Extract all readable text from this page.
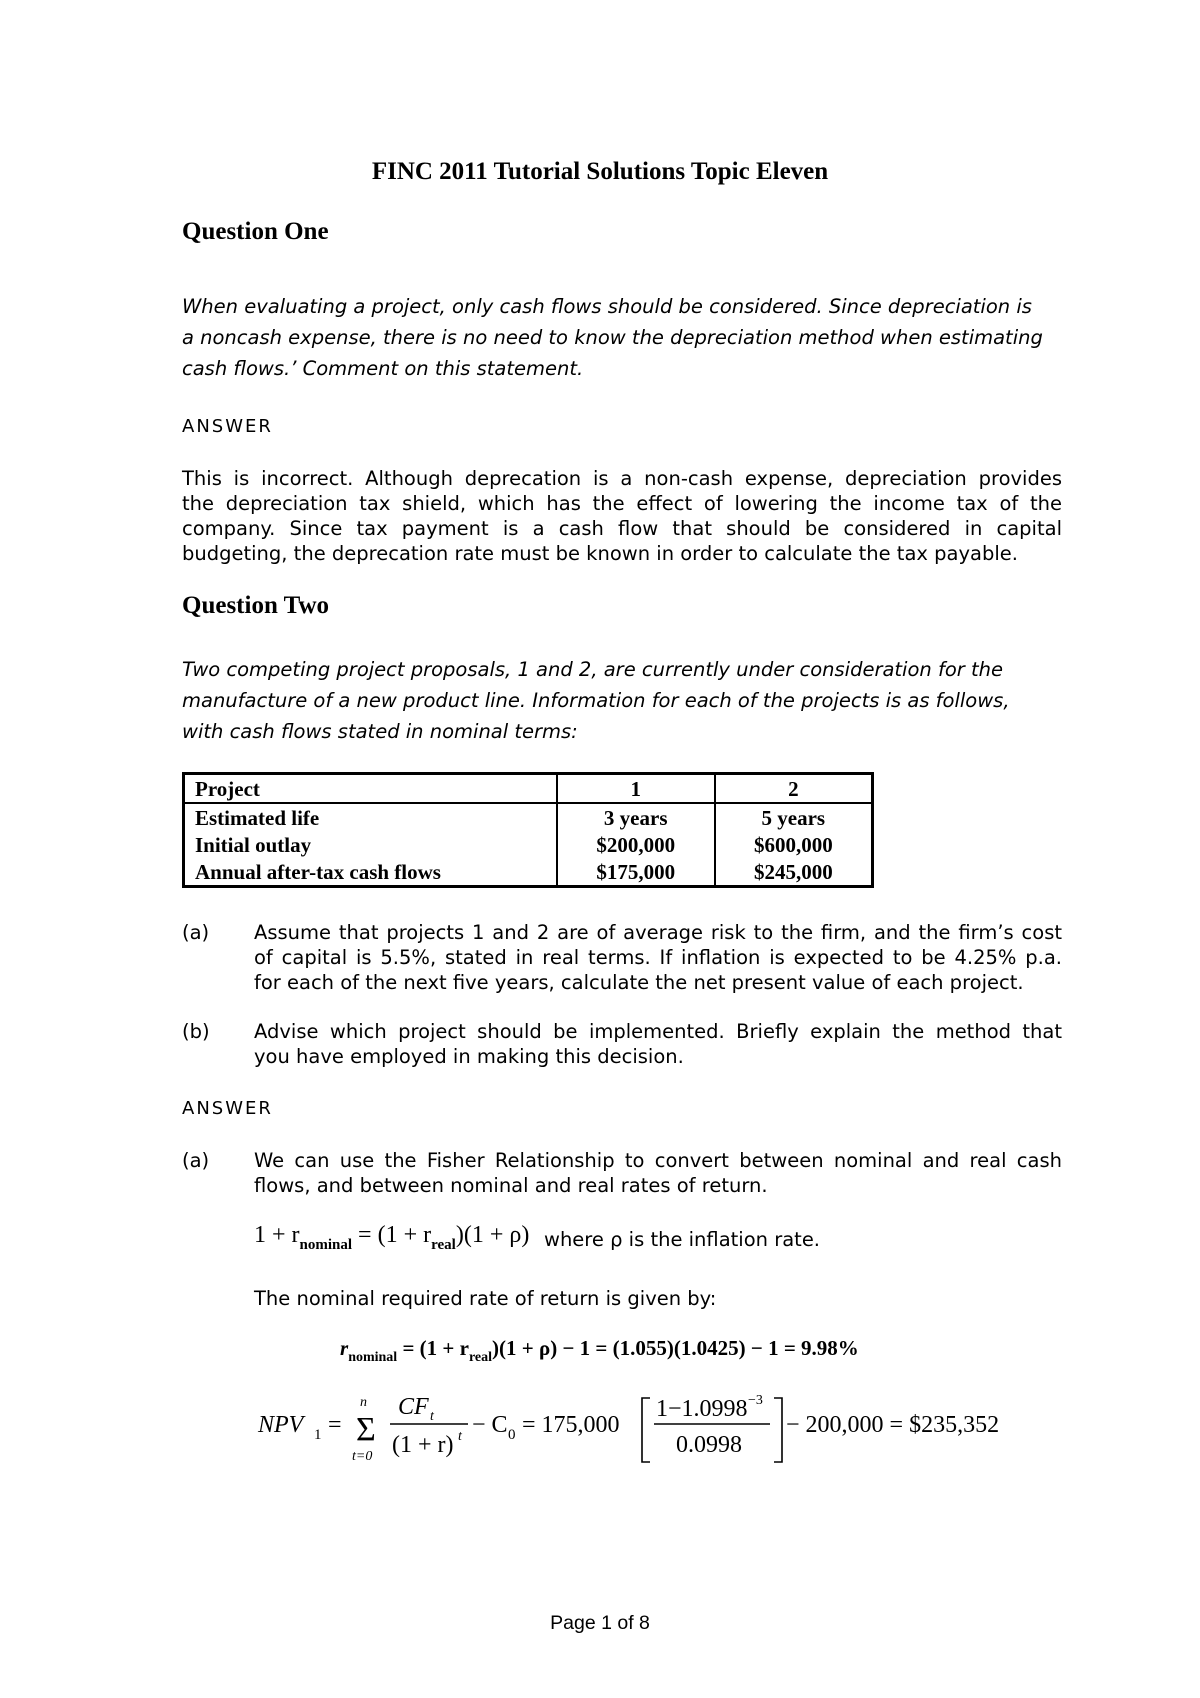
FINC 2011 Tutorial Solutions Topic Eleven
Question One
When evaluating a project, only cash flows should be considered. Since depreciation is
a noncash expense, there is no need to know the depreciation method when estimating
cash flows.’ Comment on this statement.
ANSWER
This is incorrect. Although deprecation is a non-cash expense, depreciation provides
the depreciation tax shield, which has the effect of lowering the income tax of the
company. Since tax payment is a cash flow that should be considered in capital
budgeting, the deprecation rate must be known in order to calculate the tax payable.
Question Two
Two competing project proposals, 1 and 2, are currently under consideration for the
manufacture of a new product line. Information for each of the projects is as follows,
with cash flows stated in nominal terms:
Project	1	2
Estimated life	3 years	5 years
Initial outlay	$200,000	$600,000
Annual after-tax cash flows	$175,000	$245,000
(a) Assume that projects 1 and 2 are of average risk to the firm, and the firm’s cost
of capital is 5.5%, stated in real terms. If inflation is expected to be 4.25% p.a.
for each of the next five years, calculate the net present value of each project.
(b) Advise which project should be implemented. Briefly explain the method that
you have employed in making this decision.
ANSWER
(a) We can use the Fisher Relationship to convert between nominal and real cash
flows, and between nominal and real rates of return.
$1 + r_{nominal} = (1 + r_{real})(1 + \rho)$ where ρ is the inflation rate.
The nominal required rate of return is given by:
$r_{nominal} = (1 + r_{real})(1 + \rho) - 1 = (1.055)(1.0425) - 1 = 9.98\%$
NPV 1 =
n
Σ
t=0
CF t
(1 + r) t − C 0 = 175,000
1−1.0998 −3
0.0998
− 200,000 = $235,352
Page 1 of 8
